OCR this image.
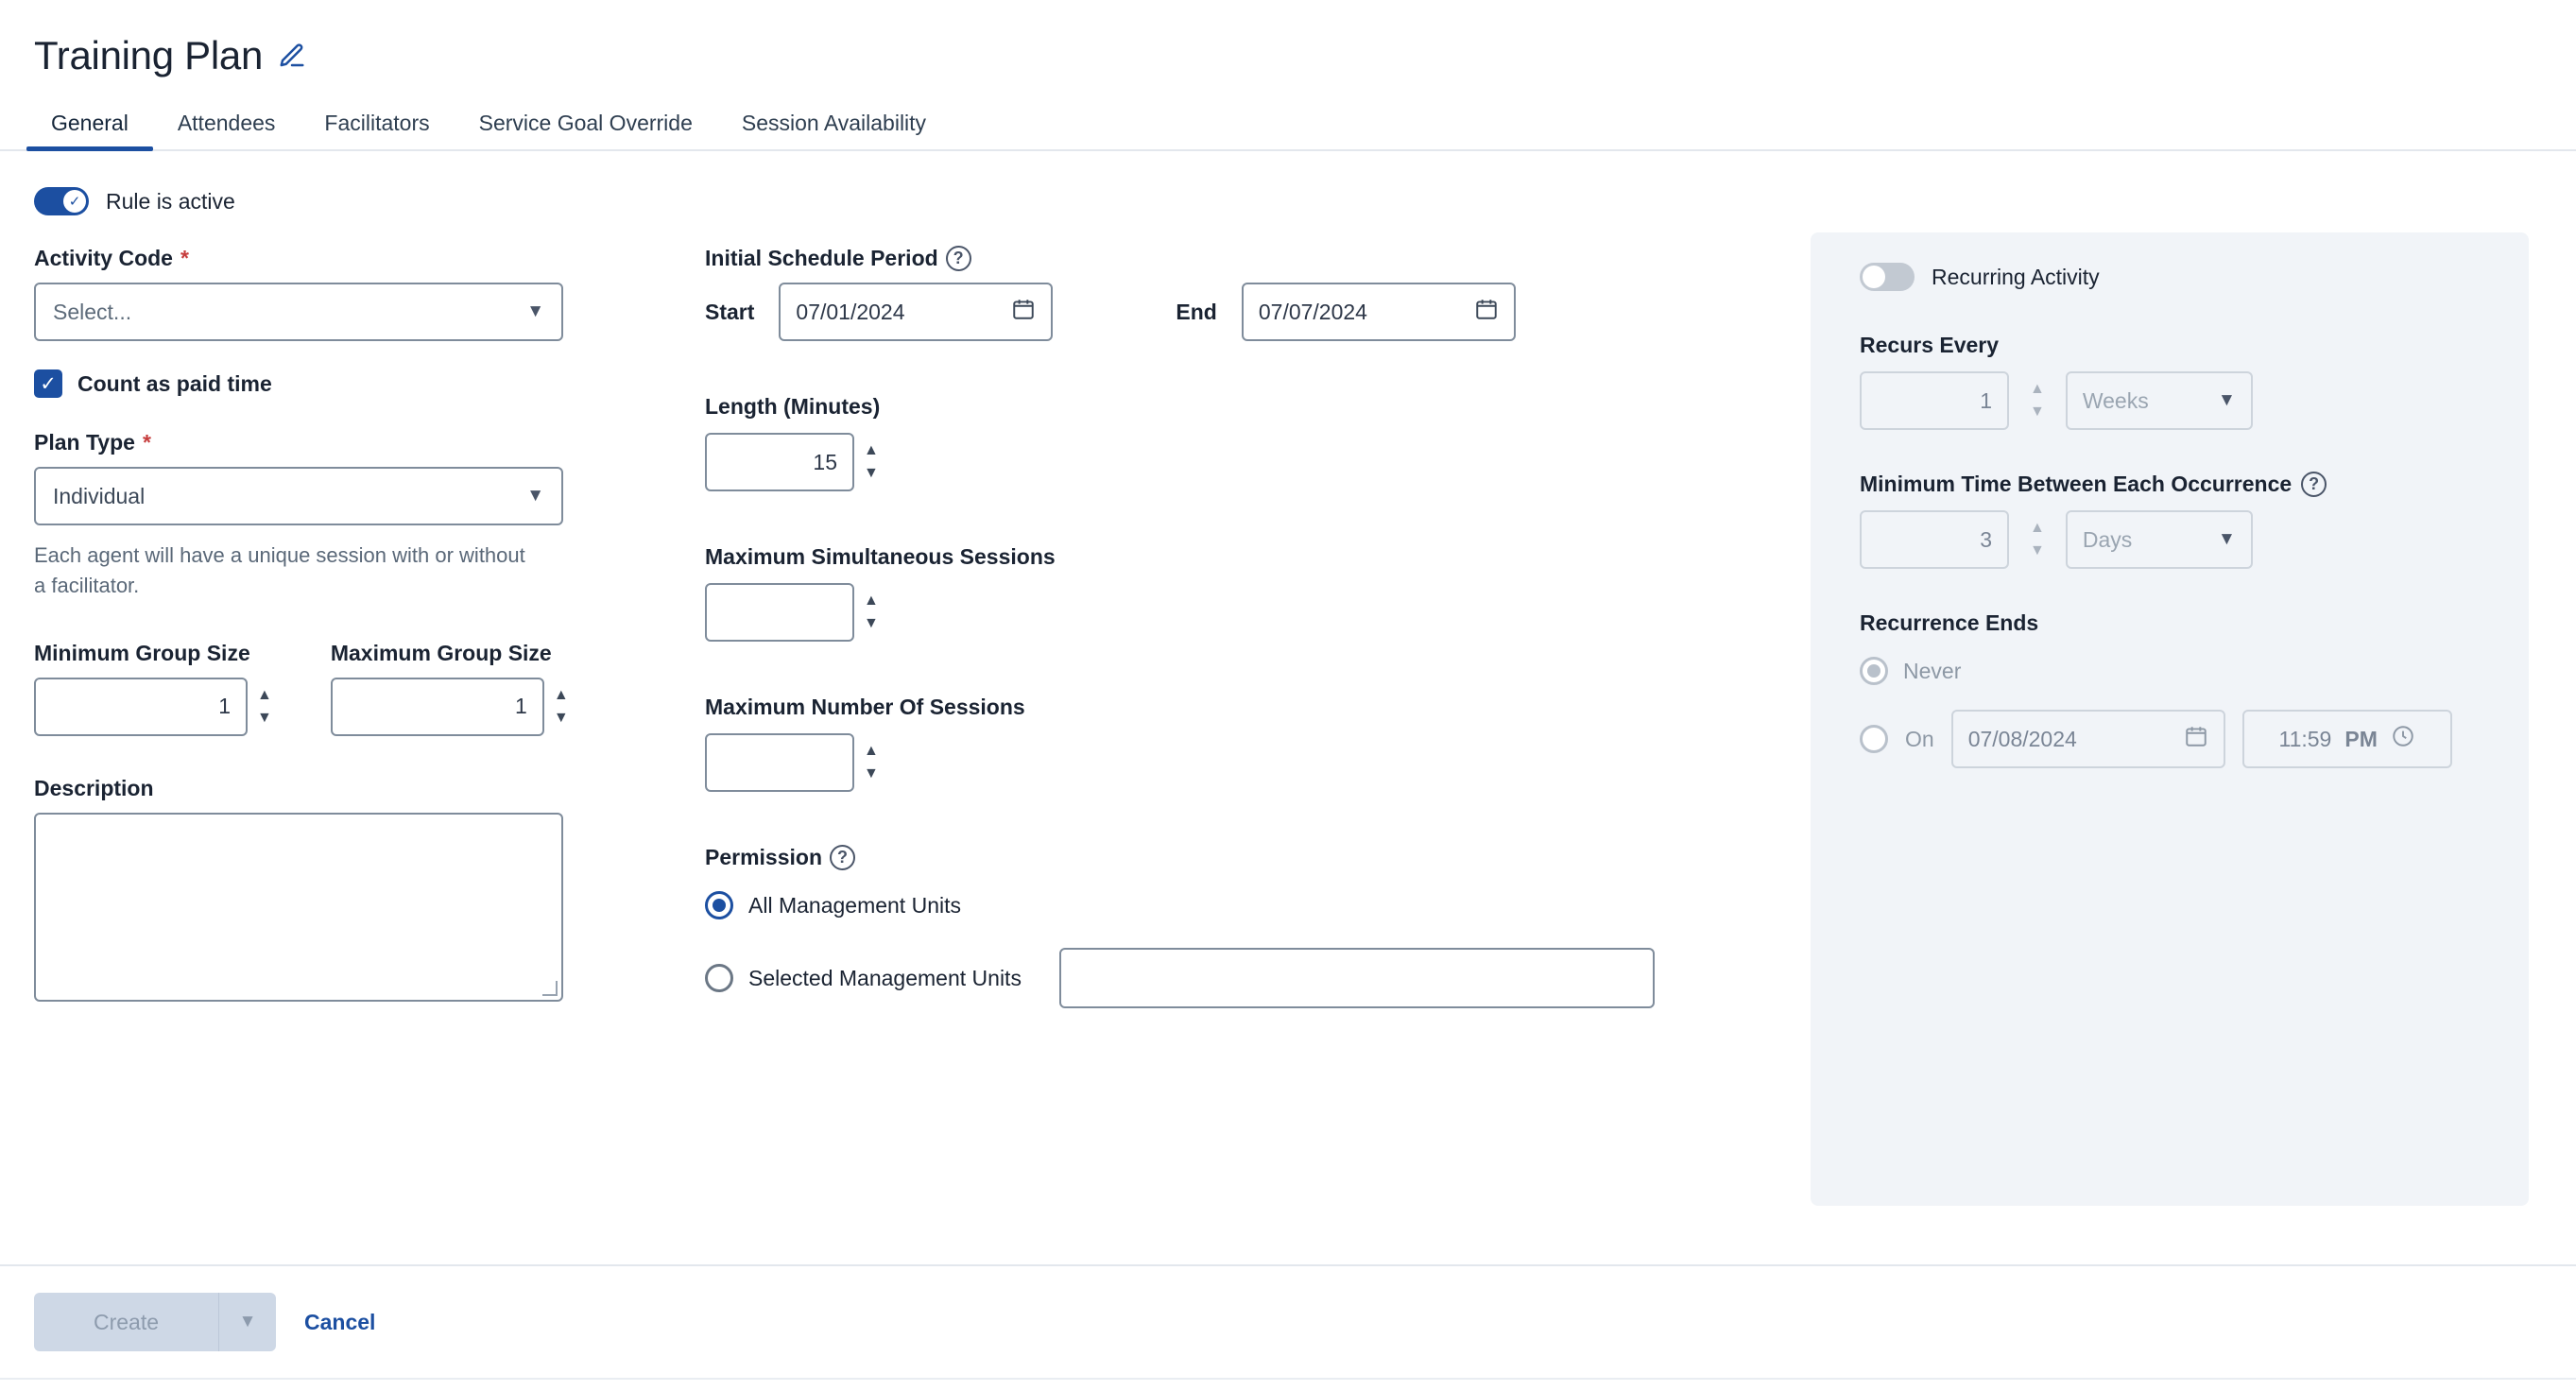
Training Plan
General	Attendees	Facilitators	Service Goal Override	Session Availability
✓ Rule is active
Activity Code *
Select...	▼
✓ Count as paid time
Plan Type *
Individual	▼
Each agent will have a unique session with or without a facilitator.
Minimum Group Size
1	▲
▼
Maximum Group Size
1	▲
▼
Description
Initial Schedule Period ?
Start 07/01/2024	End 07/07/2024
Length (Minutes)
15	▲
▼
Maximum Simultaneous Sessions
▲
▼
Maximum Number Of Sessions
▲
▼
Permission ?
All Management Units
Selected Management Units
Recurring Activity
Recurs Every
1	▲
▼ Weeks	▼
Minimum Time Between Each Occurrence	?
3	▲
▼ Days	▼
Recurrence Ends
Never
On 07/08/2024	11:59 PM
Create	▼	Cancel
